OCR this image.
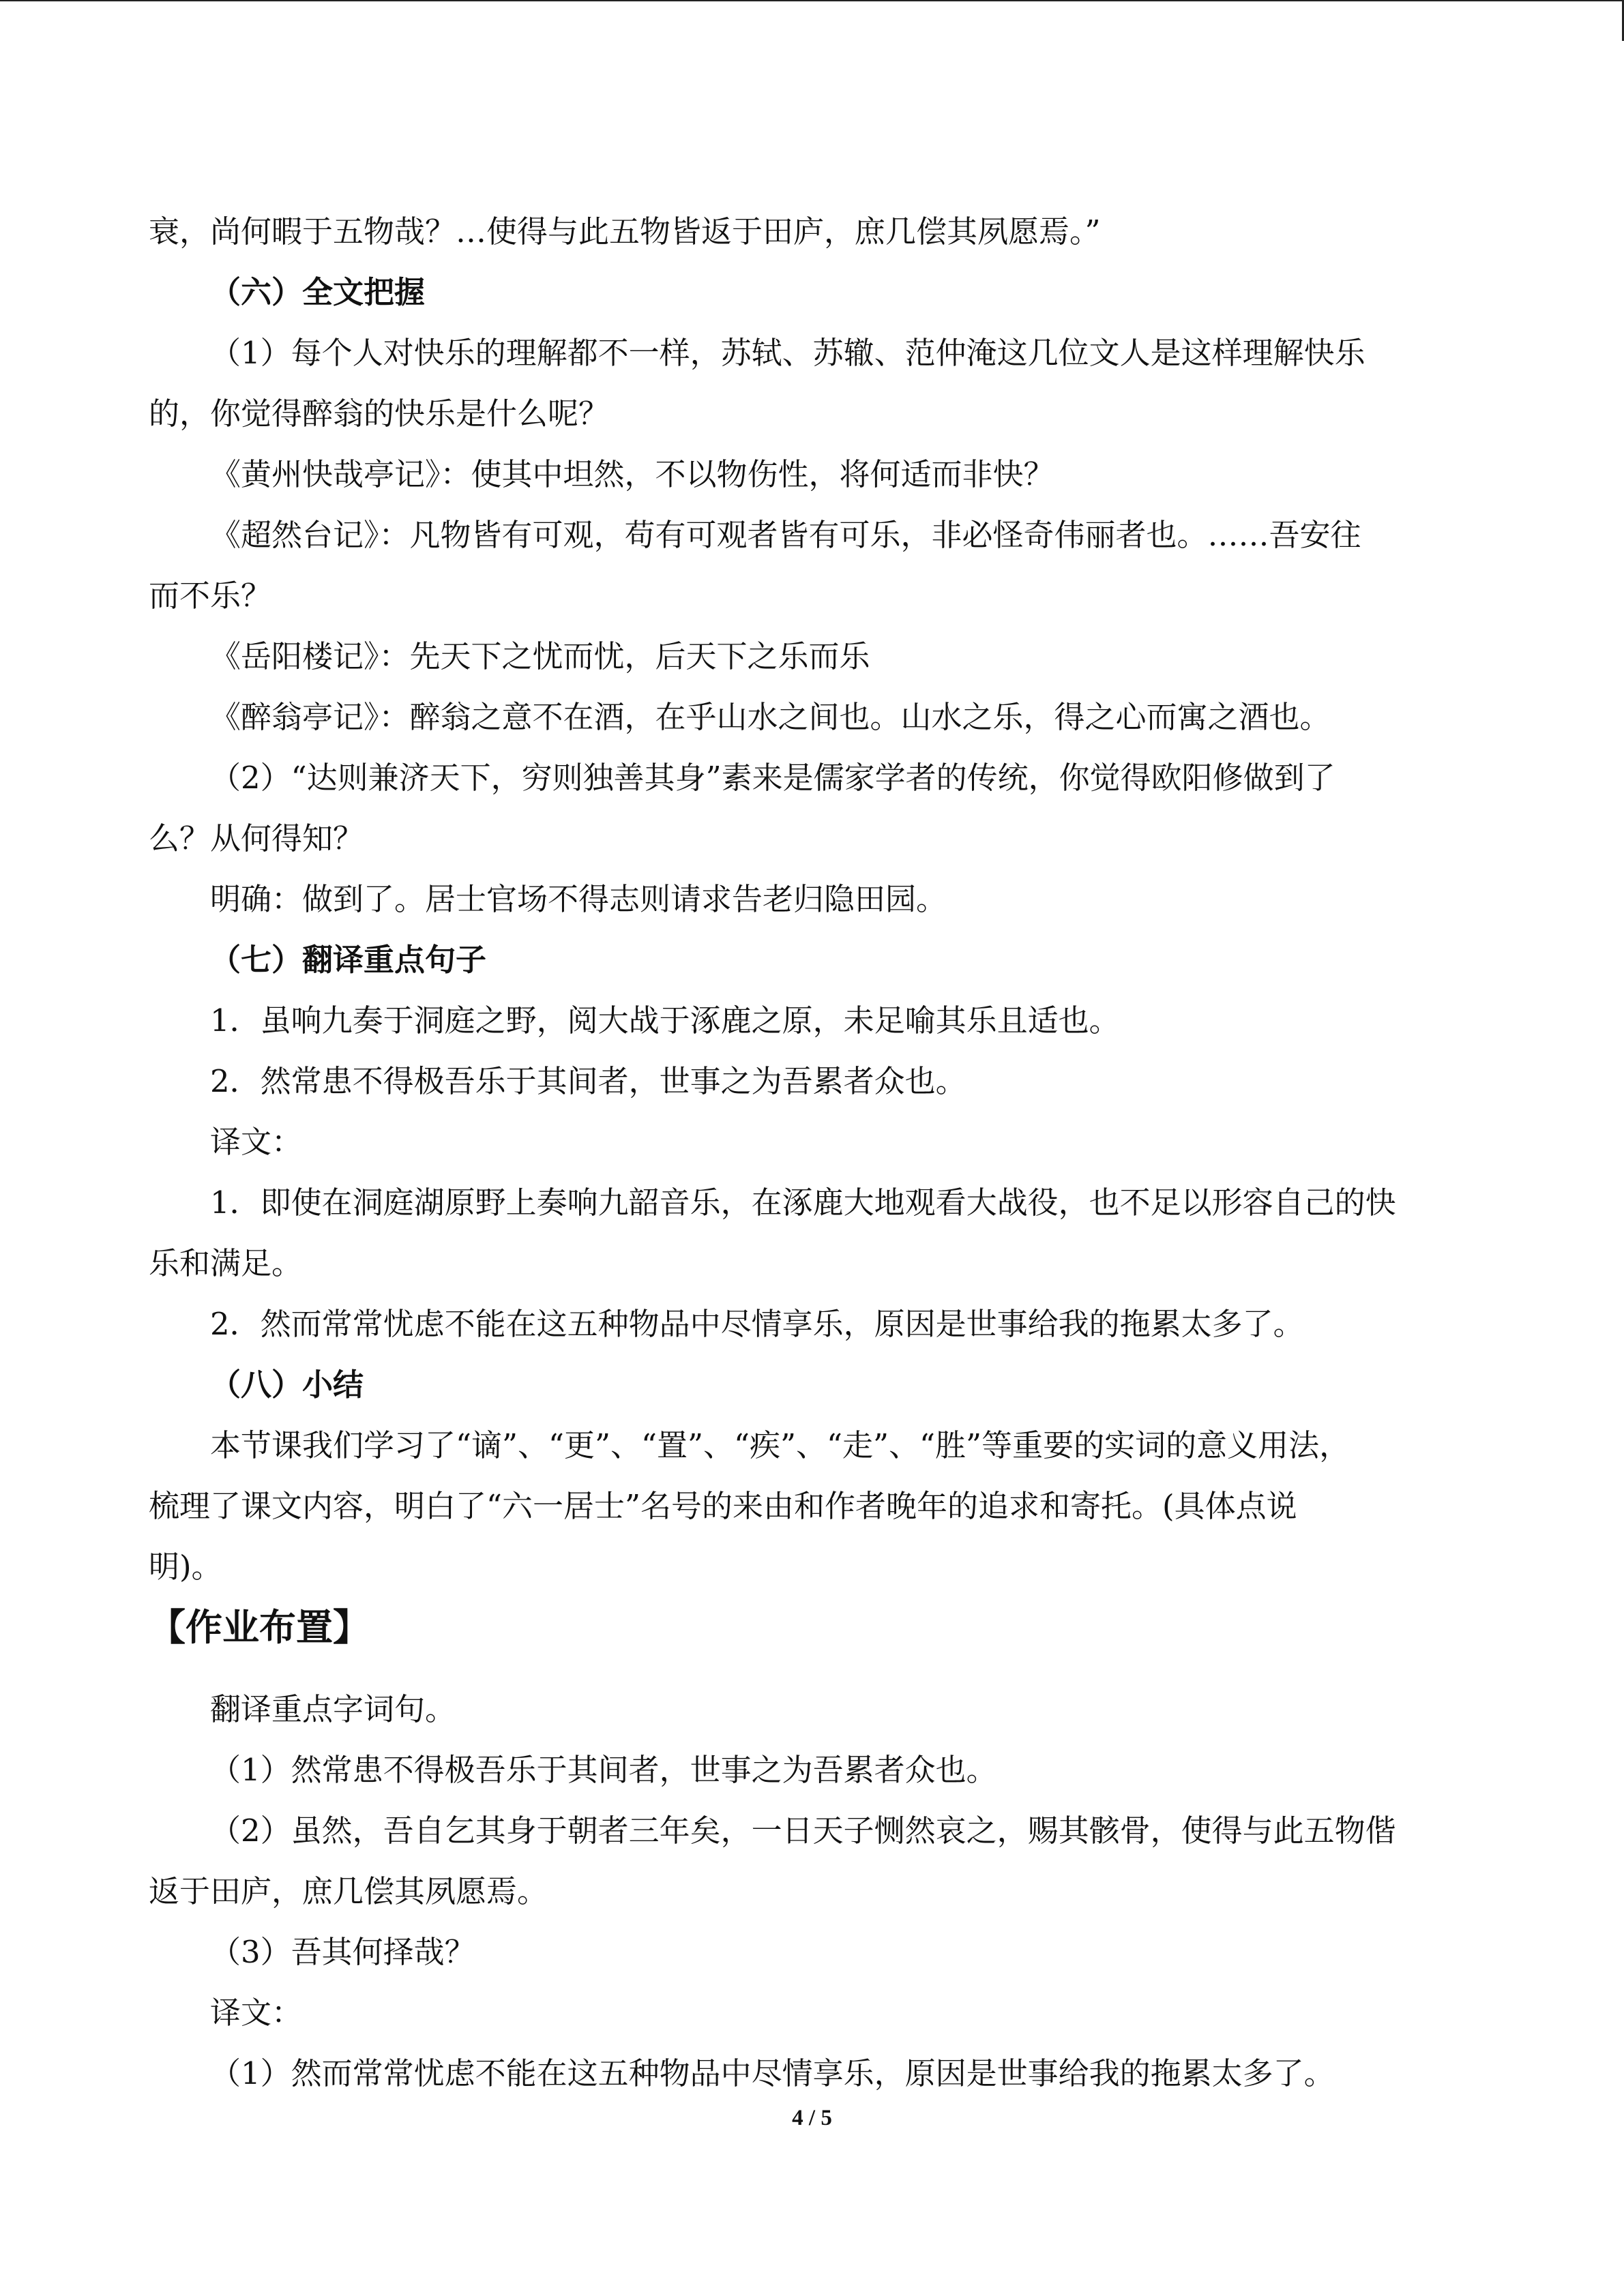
衰，尚何暇于五物哉？…使得与此五物皆返于田庐，庶几偿其夙愿焉。”
（六）全文把握
（1）每个人对快乐的理解都不一样，苏轼、苏辙、范仲淹这几位文人是这样理解快乐
的，你觉得醉翁的快乐是什么呢？
《黄州快哉亭记》：使其中坦然，不以物伤性，将何适而非快？
《超然台记》：凡物皆有可观，苟有可观者皆有可乐，非必怪奇伟丽者也。……吾安往
而不乐？
《岳阳楼记》：先天下之忧而忧，后天下之乐而乐
《醉翁亭记》：醉翁之意不在酒，在乎山水之间也。山水之乐，得之心而寓之酒也。
（2）“达则兼济天下，穷则独善其身”素来是儒家学者的传统，你觉得欧阳修做到了
么？从何得知？
明确：做到了。居士官场不得志则请求告老归隐田园。
（七）翻译重点句子
1．虽响九奏于洞庭之野，阅大战于涿鹿之原，未足喻其乐且适也。
2．然常患不得极吾乐于其间者，世事之为吾累者众也。
译文：
1．即使在洞庭湖原野上奏响九韶音乐，在涿鹿大地观看大战役，也不足以形容自己的快
乐和满足。
2．然而常常忧虑不能在这五种物品中尽情享乐，原因是世事给我的拖累太多了。
（八）小结
本节课我们学习了“谪”、“更”、“置”、“疾”、“走”、“胜”等重要的实词的意义用法，
梳理了课文内容，明白了“六一居士”名号的来由和作者晚年的追求和寄托。(具体点说
明)。
【作业布置】
翻译重点字词句。
（1）然常患不得极吾乐于其间者，世事之为吾累者众也。
（2）虽然，吾自乞其身于朝者三年矣，一日天子恻然哀之，赐其骸骨，使得与此五物偕
返于田庐，庶几偿其夙愿焉。
（3）吾其何择哉？
译文：
（1）然而常常忧虑不能在这五种物品中尽情享乐，原因是世事给我的拖累太多了。
4 / 5
